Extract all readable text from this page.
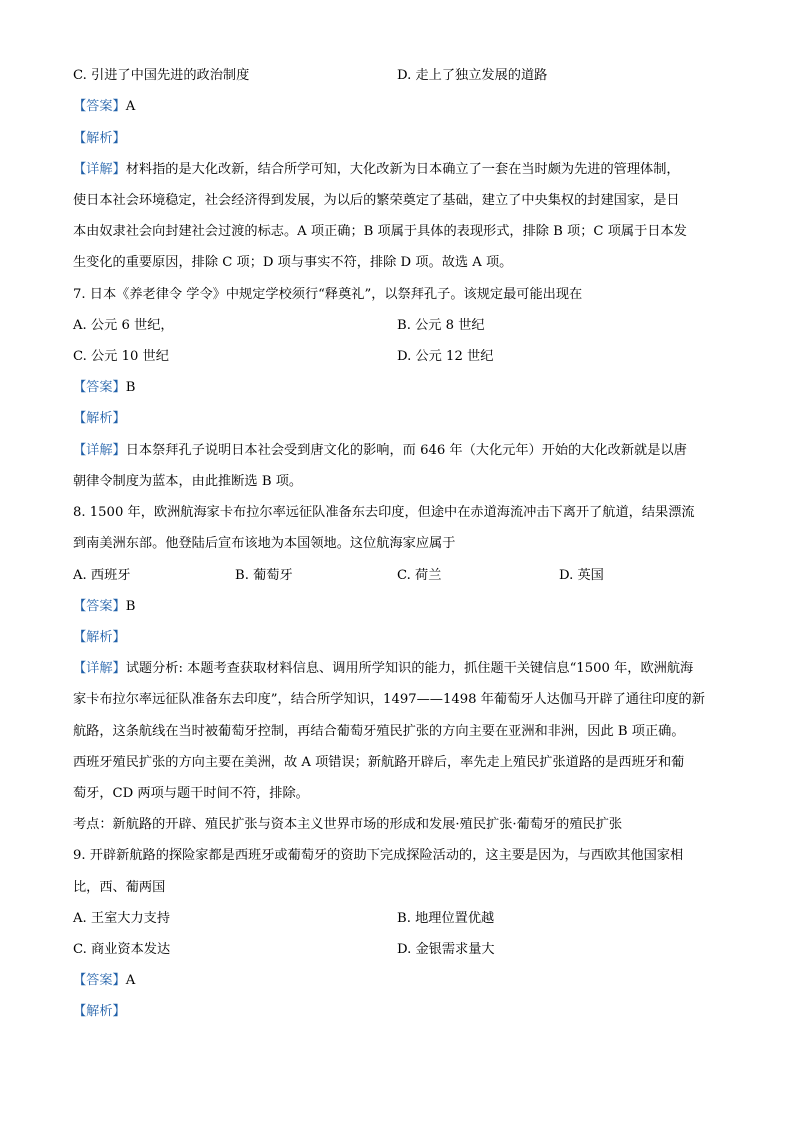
C. 引进了中国先进的政治制度	D. 走上了独立发展的道路
【答案】A
【解析】
【详解】材料指的是大化改新，结合所学可知，大化改新为日本确立了一套在当时颇为先进的管理体制，
使日本社会环境稳定，社会经济得到发展，为以后的繁荣奠定了基础，建立了中央集权的封建国家，是日
本由奴隶社会向封建社会过渡的标志。A 项正确；B 项属于具体的表现形式，排除 B 项；C 项属于日本发
生变化的重要原因，排除 C 项；D 项与事实不符，排除 D 项。故选 A 项。
7. 日本《养老律令 学令》中规定学校须行“释奠礼”，以祭拜孔子。该规定最可能出现在
A. 公元 6 世纪，	B. 公元 8 世纪
C. 公元 10 世纪	D. 公元 12 世纪
【答案】B
【解析】
【详解】日本祭拜孔子说明日本社会受到唐文化的影响，而 646 年（大化元年）开始的大化改新就是以唐
朝律令制度为蓝本，由此推断选 B 项。
8. 1500 年，欧洲航海家卡布拉尔率远征队准备东去印度，但途中在赤道海流冲击下离开了航道，结果漂流
到南美洲东部。他登陆后宣布该地为本国领地。这位航海家应属于
A. 西班牙	B. 葡萄牙	C. 荷兰	D. 英国
【答案】B
【解析】
【详解】试题分析: 本题考查获取材料信息、调用所学知识的能力，抓住题干关键信息“1500 年，欧洲航海
家卡布拉尔率远征队准备东去印度”，结合所学知识，1497——1498 年葡萄牙人达伽马开辟了通往印度的新
航路，这条航线在当时被葡萄牙控制，再结合葡萄牙殖民扩张的方向主要在亚洲和非洲，因此 B 项正确。
西班牙殖民扩张的方向主要在美洲，故 A 项错误；新航路开辟后，率先走上殖民扩张道路的是西班牙和葡
萄牙，CD 两项与题干时间不符，排除。
考点：新航路的开辟、殖民扩张与资本主义世界市场的形成和发展·殖民扩张·葡萄牙的殖民扩张
9. 开辟新航路的探险家都是西班牙或葡萄牙的资助下完成探险活动的，这主要是因为，与西欧其他国家相
比，西、葡两国
A. 王室大力支持	B. 地理位置优越
C. 商业资本发达	D. 金银需求量大
【答案】A
【解析】
